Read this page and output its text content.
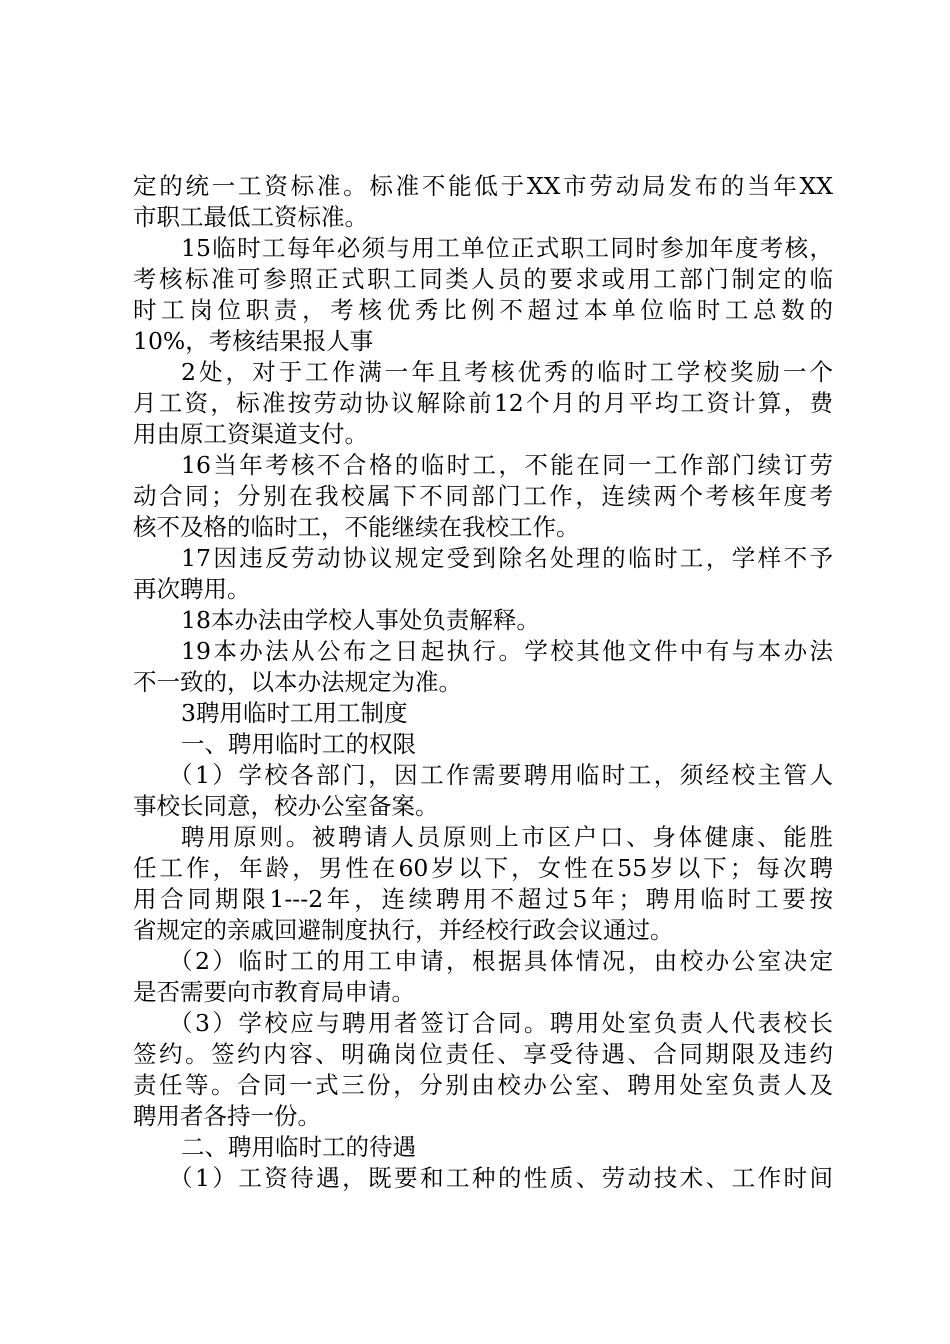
定的统一工资标准。标准不能低于XX市劳动局发布的当年XX
市职工最低工资标准。
15临时工每年必须与用工单位正式职工同时参加年度考核，
考核标准可参照正式职工同类人员的要求或用工部门制定的临
时工岗位职责，考核优秀比例不超过本单位临时工总数的
10%，考核结果报人事
2处，对于工作满一年且考核优秀的临时工学校奖励一个
月工资，标准按劳动协议解除前12个月的月平均工资计算，费
用由原工资渠道支付。
16当年考核不合格的临时工，不能在同一工作部门续订劳
动合同；分别在我校属下不同部门工作，连续两个考核年度考
核不及格的临时工，不能继续在我校工作。
17因违反劳动协议规定受到除名处理的临时工，学样不予
再次聘用。
18本办法由学校人事处负责解释。
19本办法从公布之日起执行。学校其他文件中有与本办法
不一致的，以本办法规定为准。
3聘用临时工用工制度
一、聘用临时工的权限
（1）学校各部门，因工作需要聘用临时工，须经校主管人
事校长同意，校办公室备案。
聘用原则。被聘请人员原则上市区户口、身体健康、能胜
任工作，年龄，男性在60岁以下，女性在55岁以下；每次聘
用合同期限1---2年，连续聘用不超过5年；聘用临时工要按
省规定的亲戚回避制度执行，并经校行政会议通过。
（2）临时工的用工申请，根据具体情况，由校办公室决定
是否需要向市教育局申请。
（3）学校应与聘用者签订合同。聘用处室负责人代表校长
签约。签约内容、明确岗位责任、享受待遇、合同期限及违约
责任等。合同一式三份，分别由校办公室、聘用处室负责人及
聘用者各持一份。
二、聘用临时工的待遇
（1）工资待遇，既要和工种的性质、劳动技术、工作时间
